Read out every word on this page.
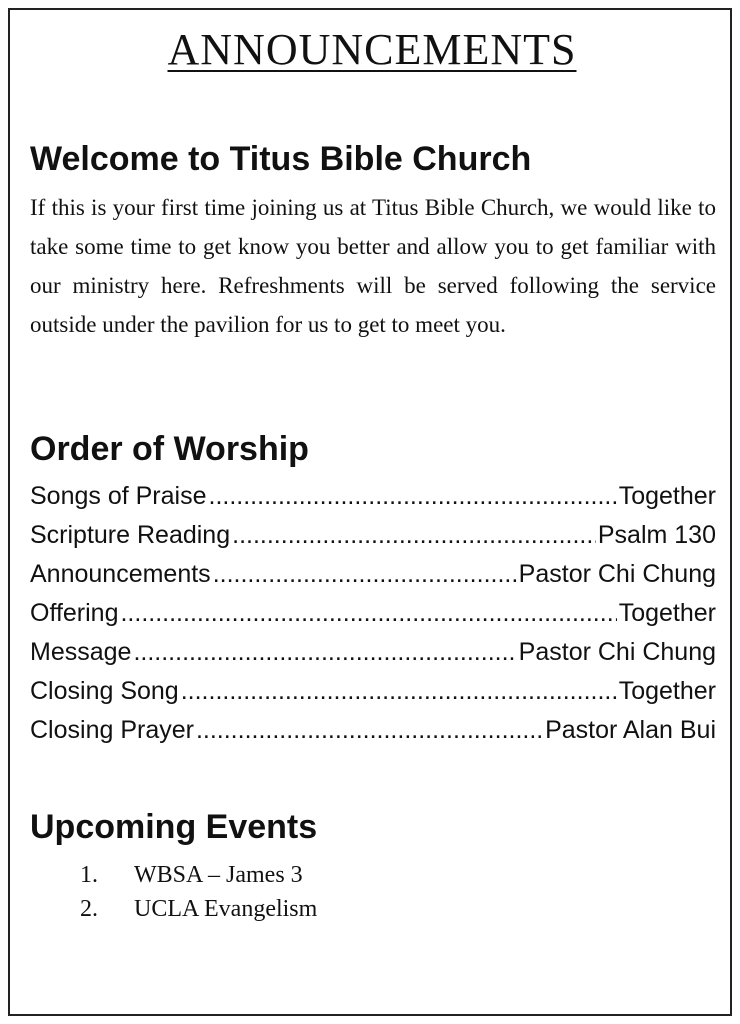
ANNOUNCEMENTS
Welcome to Titus Bible Church

If this is your first time joining us at Titus Bible Church, we would like to take some time to get know you better and allow you to get familiar with our ministry here. Refreshments will be served following the service outside under the pavilion for us to get to meet you.

Order of Worship
Songs of Praise .....	Together
Scripture Reading .....	Psalm 130
Announcements .....	Pastor Chi Chung
Offering .....	Together
Message .....	Pastor Chi Chung
Closing Song .....	Together
Closing Prayer .....	Pastor Alan Bui
Upcoming Events
1.	WBSA – James 3
2.	UCLA Evangelism
